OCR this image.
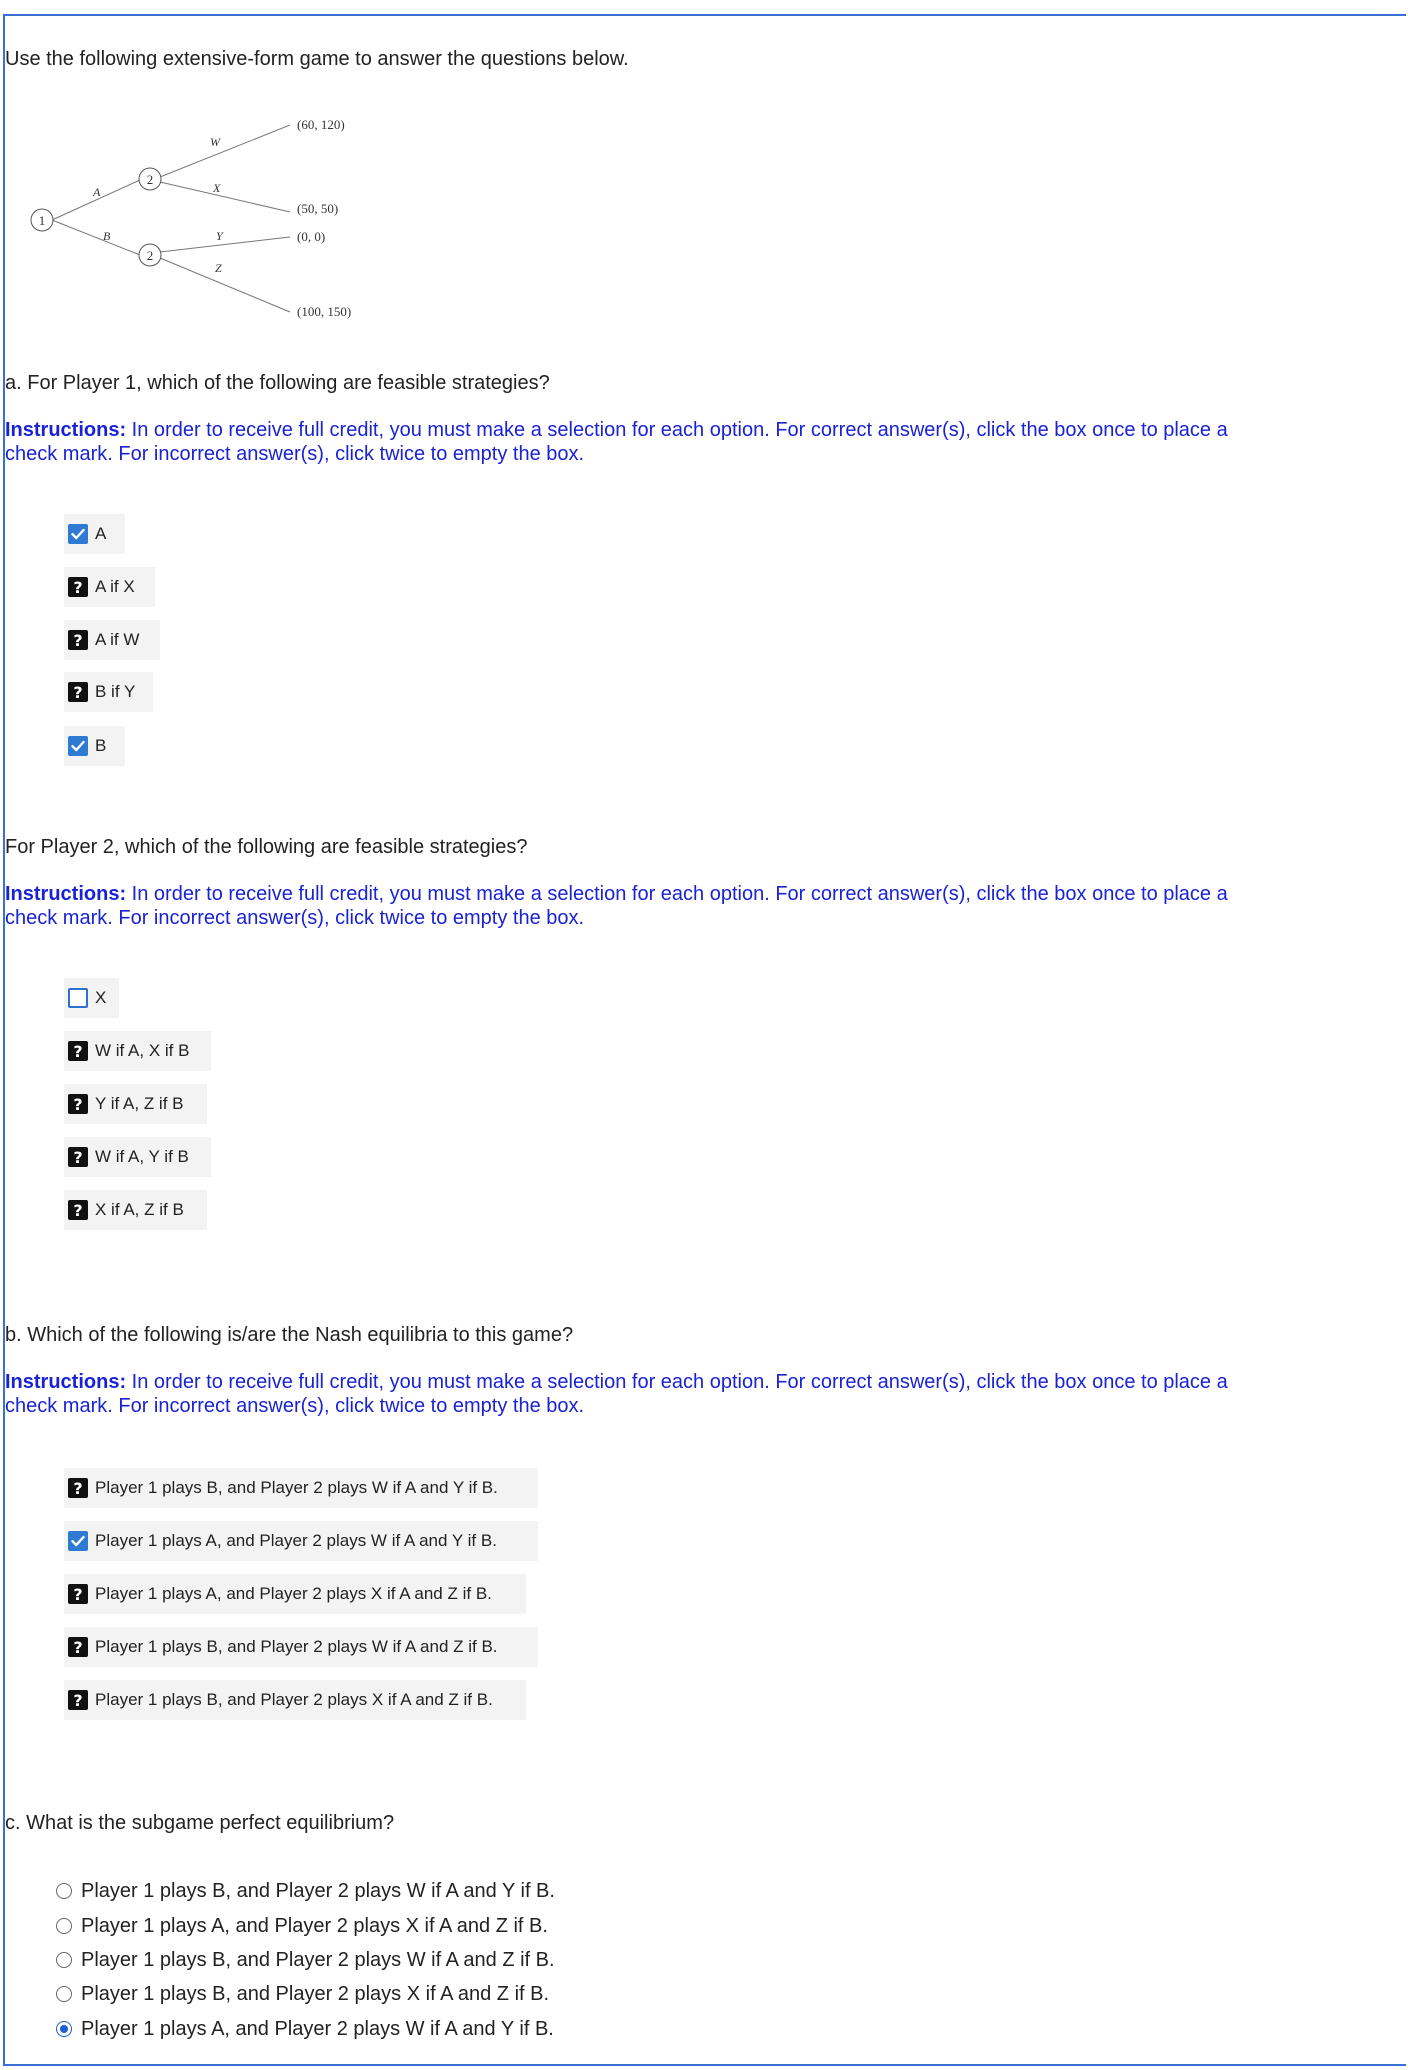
Use the following extensive-form game to answer the questions below.
1
2
2
A
B
W
X
Y
Z
(60, 120)
(50, 50)
(0, 0)
(100, 150)
a. For Player 1, which of the following are feasible strategies?
Instructions: In order to receive full credit, you must make a selection for each option. For correct answer(s), click the box once to place a check mark. For incorrect answer(s), click twice to empty the box.
A
? A if X
? A if W
? B if Y
B
For Player 2, which of the following are feasible strategies?
Instructions: In order to receive full credit, you must make a selection for each option. For correct answer(s), click the box once to place a check mark. For incorrect answer(s), click twice to empty the box.
X
? W if A, X if B
? Y if A, Z if B
? W if A, Y if B
? X if A, Z if B
b. Which of the following is/are the Nash equilibria to this game?
Instructions: In order to receive full credit, you must make a selection for each option. For correct answer(s), click the box once to place a check mark. For incorrect answer(s), click twice to empty the box.
? Player 1 plays B, and Player 2 plays W if A and Y if B.
Player 1 plays A, and Player 2 plays W if A and Y if B.
? Player 1 plays A, and Player 2 plays X if A and Z if B.
? Player 1 plays B, and Player 2 plays W if A and Z if B.
? Player 1 plays B, and Player 2 plays X if A and Z if B.
c. What is the subgame perfect equilibrium?
Player 1 plays B, and Player 2 plays W if A and Y if B.
Player 1 plays A, and Player 2 plays X if A and Z if B.
Player 1 plays B, and Player 2 plays W if A and Z if B.
Player 1 plays B, and Player 2 plays X if A and Z if B.
Player 1 plays A, and Player 2 plays W if A and Y if B.
